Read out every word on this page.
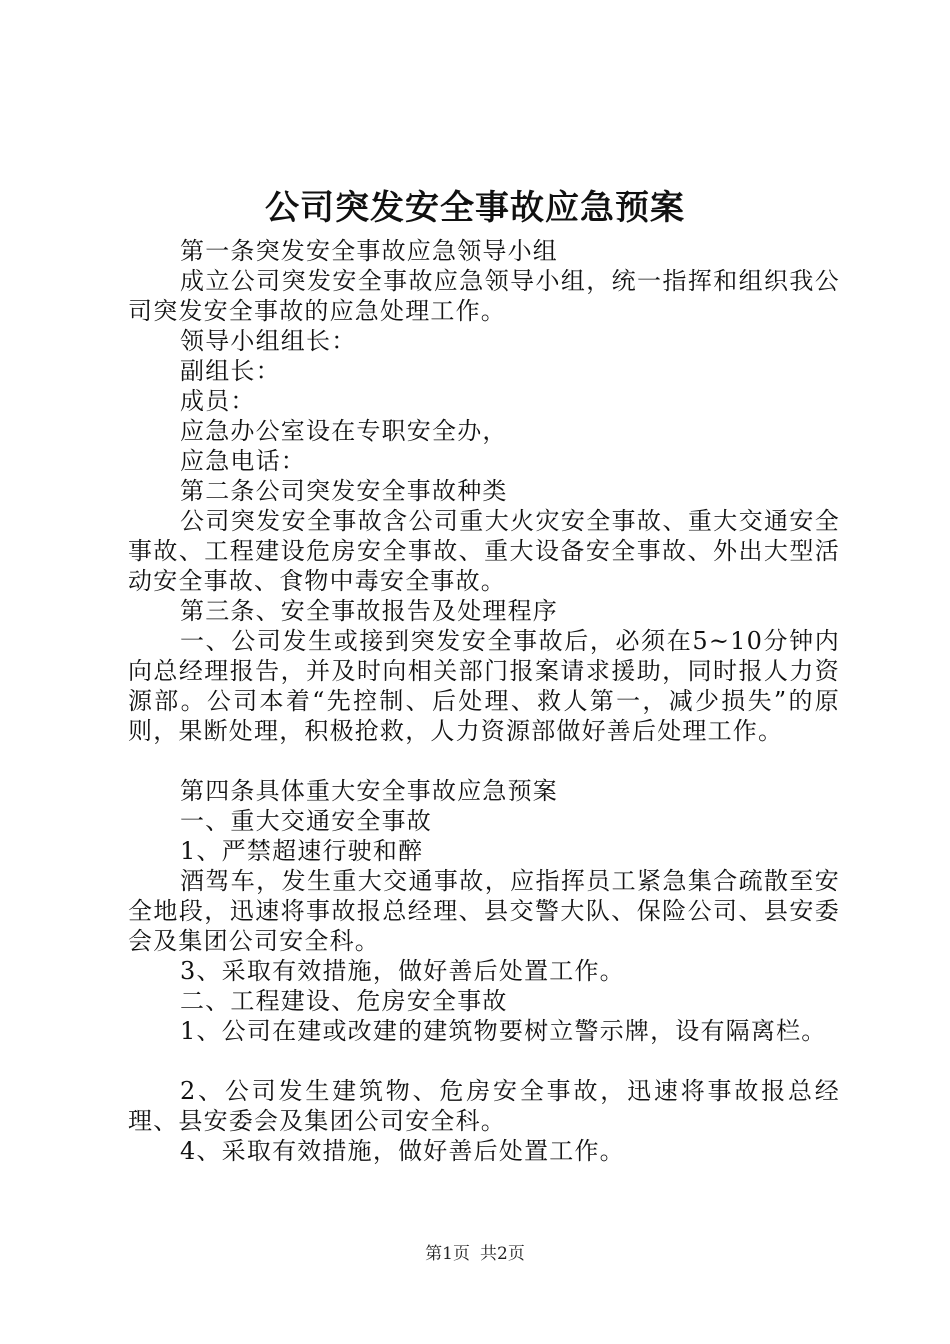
公司突发安全事故应急预案

第一条突发安全事故应急领导小组

成立公司突发安全事故应急领导小组，统一指挥和组织我公司突发安全事故的应急处理工作。

领导小组组长：

副组长：

成员：

应急办公室设在专职安全办，

应急电话：

第二条公司突发安全事故种类

公司突发安全事故含公司重大火灾安全事故、重大交通安全事故、工程建设危房安全事故、重大设备安全事故、外出大型活动安全事故、食物中毒安全事故。

第三条、安全事故报告及处理程序

一、公司发生或接到突发安全事故后，必须在5~10分钟内向总经理报告，并及时向相关部门报案请求援助，同时报人力资源部。公司本着“先控制、后处理、救人第一，减少损失”的原则，果断处理，积极抢救，人力资源部做好善后处理工作。

第四条具体重大安全事故应急预案

一、重大交通安全事故

1、严禁超速行驶和醉

酒驾车，发生重大交通事故，应指挥员工紧急集合疏散至安全地段，迅速将事故报总经理、县交警大队、保险公司、县安委会及集团公司安全科。

3、采取有效措施，做好善后处置工作。

二、工程建设、危房安全事故

1、公司在建或改建的建筑物要树立警示牌，设有隔离栏。

2、公司发生建筑物、危房安全事故，迅速将事故报总经理、县安委会及集团公司安全科。

4、采取有效措施，做好善后处置工作。

第1页 共2页
